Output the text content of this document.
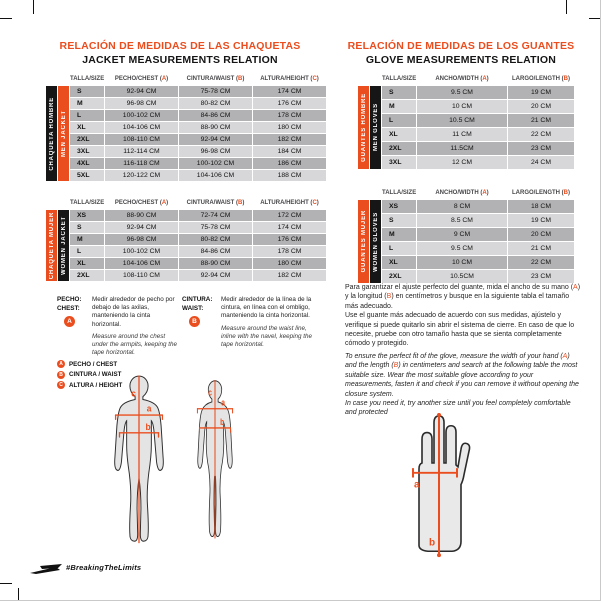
RELACIÓN DE MEDIDAS DE LAS CHAQUETAS
JACKET MEASUREMENTS RELATION
RELACIÓN DE MEDIDAS DE LOS GUANTES
GLOVE MEASUREMENTS RELATION
TALLA/SIZE	PECHO/CHEST (A)	CINTURA/WAIST (B)	ALTURA/HEIGHT (C)
CHAQUETA HOMBRE MEN JACKET
S	92-94 CM	75-78 CM	174 CM
M	96-98 CM	80-82 CM	176 CM
L	100-102 CM	84-86 CM	178 CM
XL	104-106 CM	88-90 CM	180 CM
2XL	108-110 CM	92-94 CM	182 CM
3XL	112-114 CM	96-98 CM	184 CM
4XL	116-118 CM	100-102 CM	186 CM
5XL	120-122 CM	104-106 CM	188 CM
TALLA/SIZE	PECHO/CHEST (A)	CINTURA/WAIST (B)	ALTURA/HEIGHT (C)
CHAQUETA MUJER WOMEN JACKET
XS	88-90 CM	72-74 CM	172 CM
S	92-94 CM	75-78 CM	174 CM
M	96-98 CM	80-82 CM	176 CM
L	100-102 CM	84-86 CM	178 CM
XL	104-106 CM	88-90 CM	180 CM
2XL	108-110 CM	92-94 CM	182 CM
TALLA/SIZE	ANCHO/WIDTH (A)	LARGO/LENGTH (B)
GUANTES HOMBRE MEN GLOVES
S	9.5 CM	19 CM
M	10 CM	20 CM
L	10.5 CM	21 CM
XL	11 CM	22 CM
2XL	11.5CM	23 CM
3XL	12 CM	24 CM
TALLA/SIZE	ANCHO/WIDTH (A)	LARGO/LENGTH (B)
GUANTES MUJER WOMEN GLOVES
XS	8 CM	18 CM
S	8.5 CM	19 CM
M	9 CM	20 CM
L	9.5 CM	21 CM
XL	10 CM	22 CM
2XL	10.5CM	23 CM
PECHO:
CHEST:
A
Medir alrededor de pecho por debajo de las axilas, manteniendo la cinta horizontal.
Measure around the chest under the armpits, keeping the tape horizontal.
CINTURA:
WAIST:
B
Medir alrededor de la línea de la cintura, en línea con el ombligo, manteniendo la cinta horizontal.
Measure around the waist line, inline with the navel, keeping the tape horizontal.
A PECHO / CHEST
B CINTURA / WAIST
C ALTURA / HEIGHT

Para garantizar el ajuste perfecto del guante, mida el ancho de su mano (A) y la longitud (B) en centímetros y busque en la siguiente tabla el tamaño más adecuado.

Use el guante más adecuado de acuerdo con sus medidas, ajústelo y verifique si puede quitarlo sin abrir el sistema de cierre. En caso de que lo necesite, pruebe con otro tamaño hasta que se sienta completamente cómodo y protegido.

To ensure the perfect fit of the glove, measure the width of your hand (A) and the length (B) in centimeters and search at the following table the most suitable size. Wear the most suitable glove according to your measurements, fasten it and check if you can remove it without opening the closure system.

In case you need it, try another size until you feel completely comfortable and protected

c
a
b
c
a
b
a
b
#BreakingTheLimits
